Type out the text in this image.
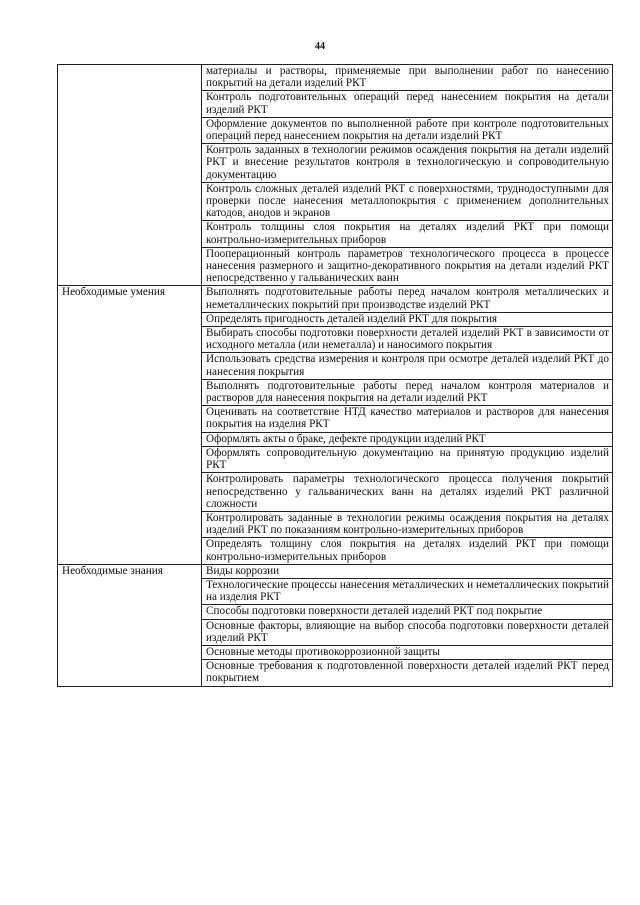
44
	материалы и растворы, применяемые при выполнении работ по нанесению покрытий на детали изделий РКТ
	Контроль подготовительных операций перед нанесением покрытия на детали изделий РКТ
	Оформление документов по выполненной работе при контроле подготовительных операций перед нанесением покрытия на детали изделий РКТ
	Контроль заданных в технологии режимов осаждения покрытия на детали изделий РКТ и внесение результатов контроля в технологическую и сопроводительную документацию
	Контроль сложных деталей изделий РКТ с поверхностями, труднодоступными для проверки после нанесения металлопокрытия с применением дополнительных катодов, анодов и экранов
	Контроль толщины слоя покрытия на деталях изделий РКТ при помощи контрольно-измерительных приборов
	Пооперационный контроль параметров технологического процесса в процессе нанесения размерного и защитно-декоративного покрытия на детали изделий РКТ непосредственно у гальванических ванн
Необходимые умения	Выполнять подготовительные работы перед началом контроля металлических и неметаллических покрытий при производстве изделий РКТ
	Определять пригодность деталей изделий РКТ для покрытия
	Выбирать способы подготовки поверхности деталей изделий РКТ в зависимости от исходного металла (или неметалла) и наносимого покрытия
	Использовать средства измерения и контроля при осмотре деталей изделий РКТ до нанесения покрытия
	Выполнять подготовительные работы перед началом контроля материалов и растворов для нанесения покрытия на детали изделий РКТ
	Оценивать на соответствие НТД качество материалов и растворов для нанесения покрытия на изделия РКТ
	Оформлять акты о браке, дефекте продукции изделий РКТ
	Оформлять сопроводительную документацию на принятую продукцию изделий РКТ
	Контролировать параметры технологического процесса получения покрытий непосредственно у гальванических ванн на деталях изделий РКТ различной сложности
	Контролировать заданные в технологии режимы осаждения покрытия на деталях изделий РКТ по показаниям контрольно-измерительных приборов
	Определять толщину слоя покрытия на деталях изделий РКТ при помощи контрольно-измерительных приборов
Необходимые знания	Виды коррозии
	Технологические процессы нанесения металлических и неметаллических покрытий на изделия РКТ
	Способы подготовки поверхности деталей изделий РКТ под покрытие
	Основные факторы, влияющие на выбор способа подготовки поверхности деталей изделий РКТ
	Основные методы противокоррозионной защиты
	Основные требования к подготовленной поверхности деталей изделий РКТ перед покрытием
